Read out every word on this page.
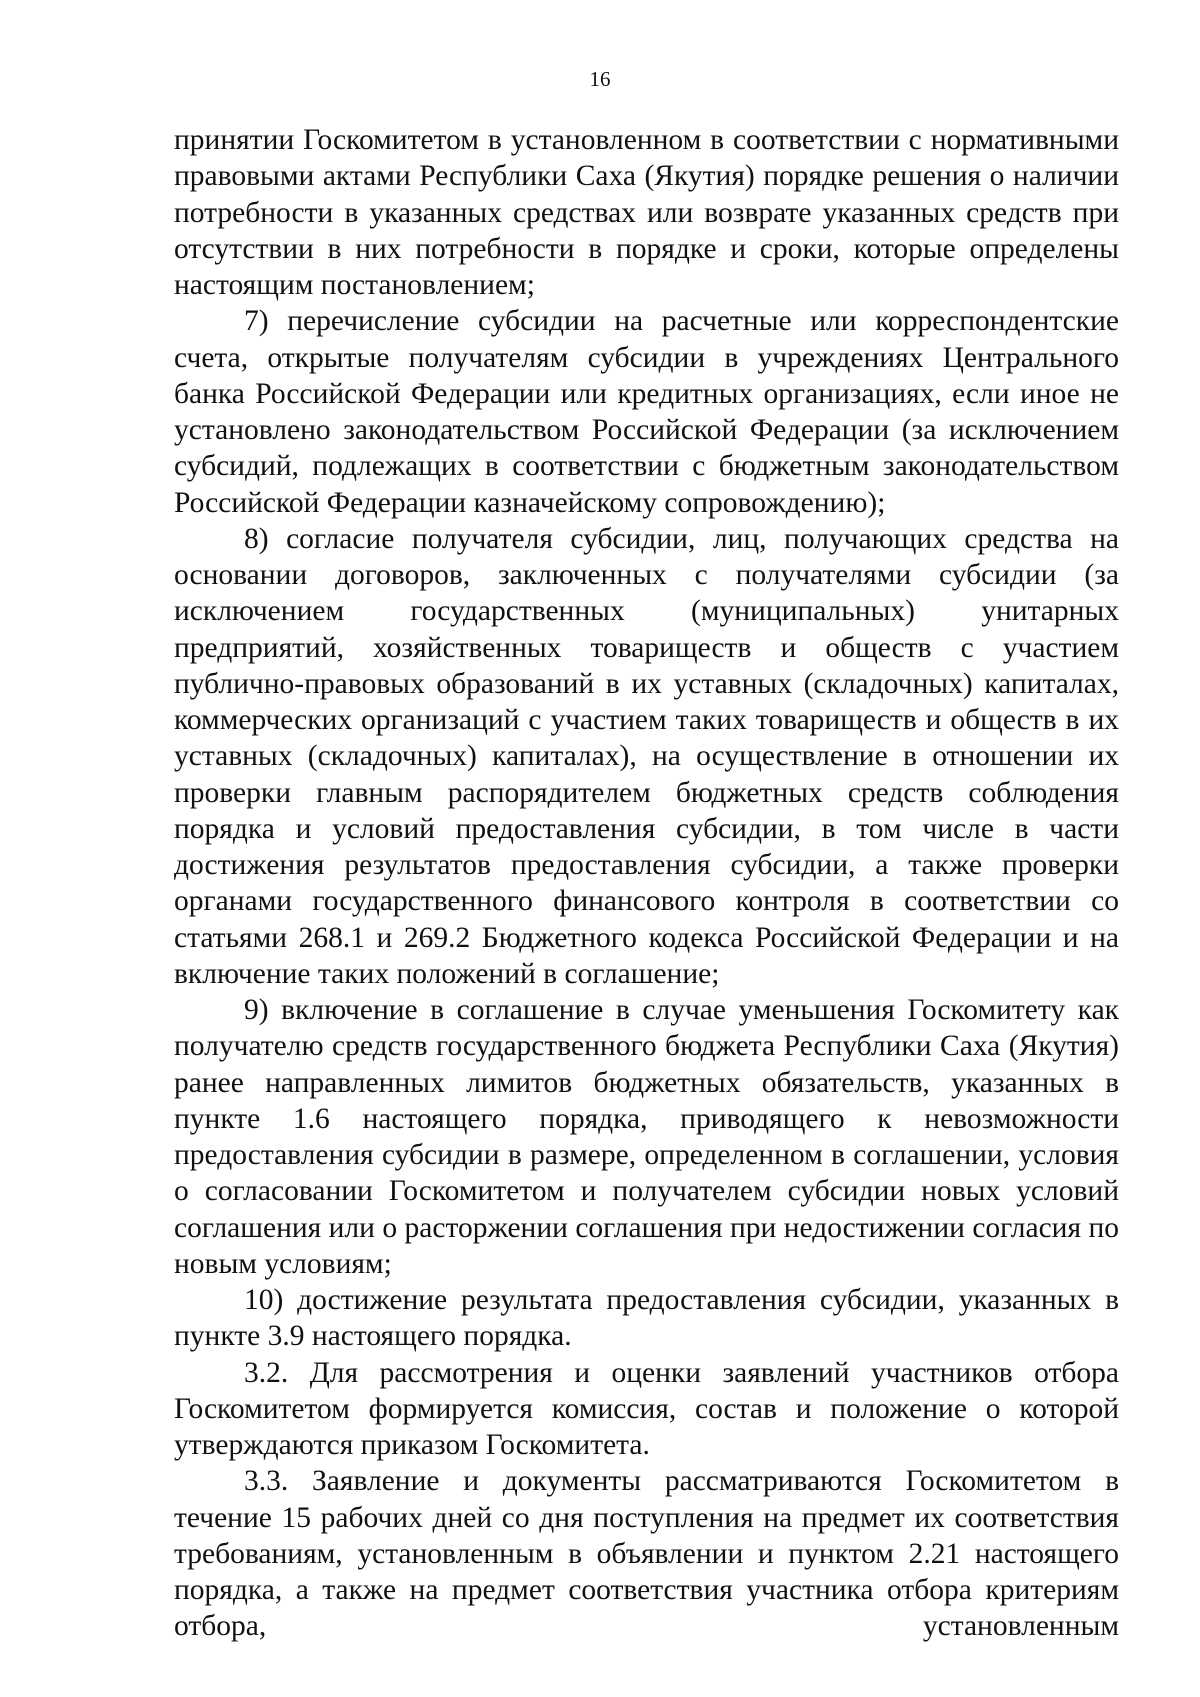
16

принятии Госкомитетом в установленном в соответствии с нормативными правовыми актами Республики Саха (Якутия) порядке решения о наличии потребности в указанных средствах или возврате указанных средств при отсутствии в них потребности в порядке и сроки, которые определены настоящим постановлением;

7) перечисление субсидии на расчетные или корреспондентские счета, открытые получателям субсидии в учреждениях Центрального банка Российской Федерации или кредитных организациях, если иное не установлено законодательством Российской Федерации (за исключением субсидий, подлежащих в соответствии с бюджетным законодательством Российской Федерации казначейскому сопровождению);

8) согласие получателя субсидии, лиц, получающих средства на основании договоров, заключенных с получателями субсидии (за исключением государственных (муниципальных) унитарных предприятий, хозяйственных товариществ и обществ с участием публично-правовых образований в их уставных (складочных) капиталах, коммерческих организаций с участием таких товариществ и обществ в их уставных (складочных) капиталах), на осуществление в отношении их проверки главным распорядителем бюджетных средств соблюдения порядка и условий предоставления субсидии, в том числе в части достижения результатов предоставления субсидии, а также проверки органами государственного финансового контроля в соответствии со статьями 268.1 и 269.2 Бюджетного кодекса Российской Федерации и на включение таких положений в соглашение;

9) включение в соглашение в случае уменьшения Госкомитету как получателю средств государственного бюджета Республики Саха (Якутия) ранее направленных лимитов бюджетных обязательств, указанных в пункте 1.6 настоящего порядка, приводящего к невозможности предоставления субсидии в размере, определенном в соглашении, условия о согласовании Госкомитетом и получателем субсидии новых условий соглашения или о расторжении соглашения при недостижении согласия по новым условиям;

10) достижение результата предоставления субсидии, указанных в пункте 3.9 настоящего порядка.

3.2. Для рассмотрения и оценки заявлений участников отбора Госкомитетом формируется комиссия, состав и положение о которой утверждаются приказом Госкомитета.

3.3. Заявление и документы рассматриваются Госкомитетом в течение 15 рабочих дней со дня поступления на предмет их соответствия требованиям, установленным в объявлении и пунктом 2.21 настоящего порядка, а также на предмет соответствия участника отбора критериям отбора, установленным
